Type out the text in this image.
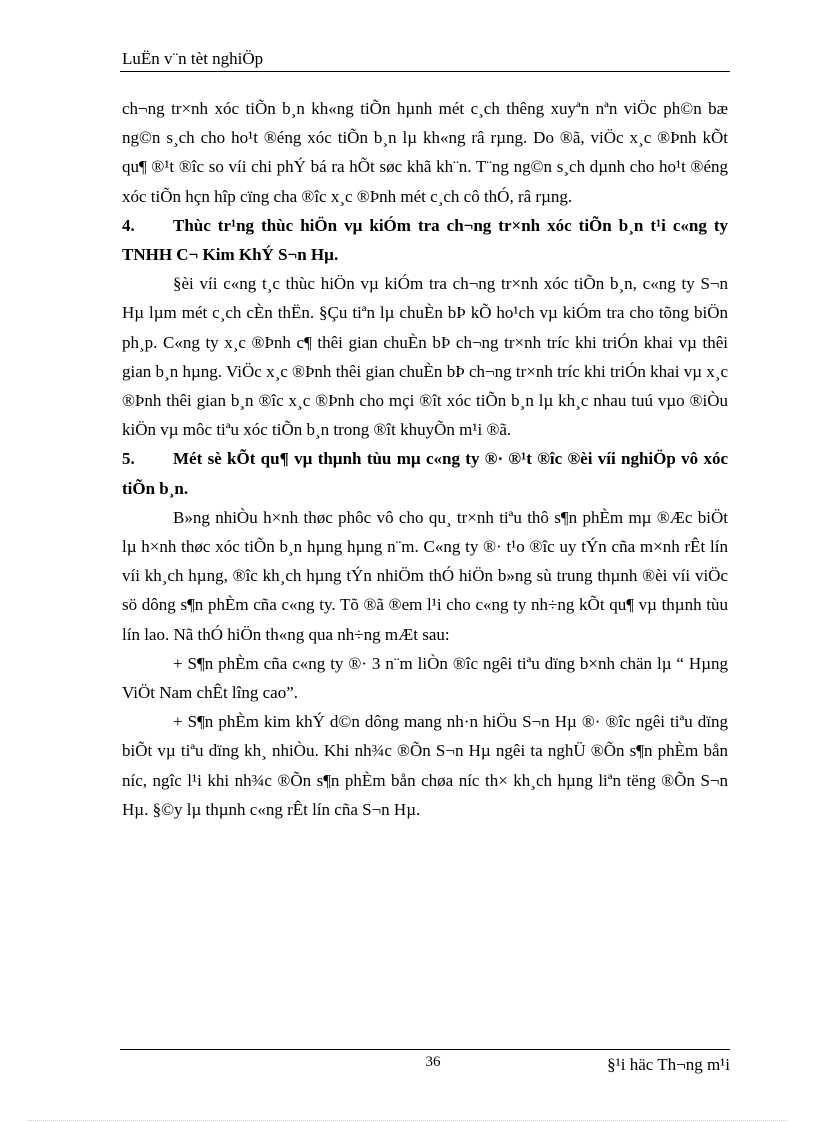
LuËn v¨n tèt nghiÖp

ch¬ng tr×nh xóc tiÕn b¸n kh«ng tiÕn hµnh mét c¸ch thêng xuyªn nªn viÖc ph©n bæ ng©n s¸ch cho ho¹t ®éng xóc tiÕn b¸n lµ kh«ng râ rµng. Do ®ã, viÖc x¸c ®Þnh kÕt qu¶ ®¹t ®îc so víi chi phÝ bá ra hÕt søc khã kh¨n. T¨ng ng©n s¸ch dµnh cho ho¹t ®éng xóc tiÕn hçn hîp cïng cha ®îc x¸c ®Þnh mét c¸ch cô thÓ, râ rµng.

4. Thùc tr¹ng thùc hiÖn vµ kiÓm tra ch¬ng tr×nh xóc tiÕn b¸n t¹i c«ng ty TNHH C¬ Kim KhÝ S¬n Hµ.

§èi víi c«ng t¸c thùc hiÖn vµ kiÓm tra ch¬ng tr×nh xóc tiÕn b¸n, c«ng ty S¬n Hµ lµm mét c¸ch cÈn thËn. §Çu tiªn lµ chuÈn bÞ kÕ ho¹ch vµ kiÓm tra cho tõng biÖn ph¸p. C«ng ty x¸c ®Þnh c¶ thêi gian chuÈn bÞ ch¬ng tr×nh tríc khi triÓn khai vµ thêi gian b¸n hµng. ViÖc x¸c ®Þnh thêi gian chuÈn bÞ ch¬ng tr×nh tríc khi triÓn khai vµ x¸c ®Þnh thêi gian b¸n ®îc x¸c ®Þnh cho mçi ®ît xóc tiÕn b¸n lµ kh¸c nhau tuú vµo ®iÒu kiÖn vµ môc tiªu xóc tiÕn b¸n trong ®ît khuyÕn m¹i ®ã.

5. Mét sè kÕt qu¶ vµ thµnh tùu mµ c«ng ty ®· ®¹t ®îc ®èi víi nghiÖp vô xóc tiÕn b¸n.

B»ng nhiÒu h×nh thøc phôc vô cho qu¸ tr×nh tiªu thô s¶n phÈm mµ ®Æc biÖt lµ h×nh thøc xóc tiÕn b¸n hµng hµng n¨m. C«ng ty ®· t¹o ®îc uy tÝn cña m×nh rÊt lín víi kh¸ch hµng, ®îc kh¸ch hµng tÝn nhiÖm thÓ hiÖn b»ng sù trung thµnh ®èi víi viÖc sö dông s¶n phÈm cña c«ng ty. Tõ ®ã ®em l¹i cho c«ng ty nh÷ng kÕt qu¶ vµ thµnh tùu lín lao. Nã thÓ hiÖn th«ng qua nh÷ng mÆt sau:

+ S¶n phÈm cña c«ng ty ®· 3 n¨m liÒn ®îc ngêi tiªu dïng b×nh chän lµ “ Hµng ViÖt Nam chÊt lîng cao”.

+ S¶n phÈm kim khÝ d©n dông mang nh·n hiÖu S¬n Hµ ®· ®îc ngêi tiªu dïng biÕt vµ tiªu dïng kh¸ nhiÒu. Khi nh¾c ®Õn S¬n Hµ ngêi ta nghÜ ®Õn s¶n phÈm bån níc, ngîc l¹i khi nh¾c ®Õn s¶n phÈm bån chøa níc th× kh¸ch hµng liªn tëng ®Õn S¬n Hµ. §©y lµ thµnh c«ng rÊt lín cña S¬n Hµ.

36	§¹i häc Th¬ng m¹i
